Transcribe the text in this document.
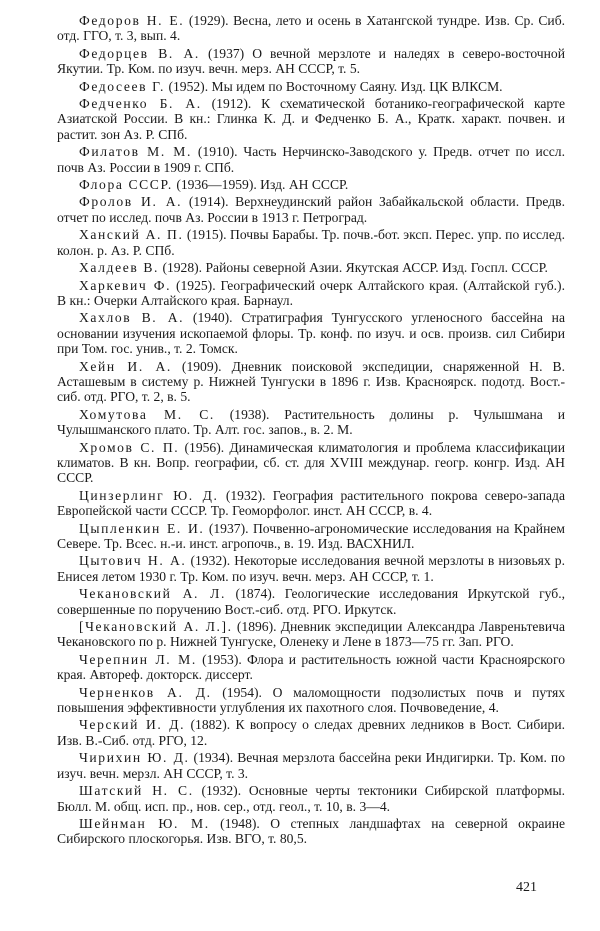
Федоров Н. Е. (1929). Весна, лето и осень в Хатангской тундре. Изв. Ср. Сиб. отд. ГГО, т. 3, вып. 4.
Федорцев В. А. (1937) О вечной мерзлоте и наледях в северо-восточной Якутии. Тр. Ком. по изуч. вечн. мерз. АН СССР, т. 5.
Федосеев Г. (1952). Мы идем по Восточному Саяну. Изд. ЦК ВЛКСМ.
Федченко Б. А. (1912). К схематической ботанико-географической карте Азиатской России. В кн.: Глинка К. Д. и Федченко Б. А., Кратк. характ. почвен. и растит. зон Аз. Р. СПб.
Филатов М. М. (1910). Часть Нерчинско-Заводского у. Предв. отчет по иссл. почв Аз. России в 1909 г. СПб.
Флора СССР. (1936—1959). Изд. АН СССР.
Фролов И. А. (1914). Верхнеудинский район Забайкальской области. Предв. отчет по исслед. почв Аз. России в 1913 г. Петроград.
Ханский А. П. (1915). Почвы Барабы. Тр. почв.-бот. эксп. Перес. упр. по исслед. колон. р. Аз. Р. СПб.
Халдеев В. (1928). Районы северной Азии. Якутская АССР. Изд. Госпл. СССР.
Харкевич Ф. (1925). Географический очерк Алтайского края. (Алтайской губ.). В кн.: Очерки Алтайского края. Барнаул.
Хахлов В. А. (1940). Стратиграфия Тунгусского угленосного бассейна на основании изучения ископаемой флоры. Тр. конф. по изуч. и осв. произв. сил Сибири при Том. гос. унив., т. 2. Томск.
Хейн И. А. (1909). Дневник поисковой экспедиции, снаряженной Н. В. Асташевым в систему р. Нижней Тунгуски в 1896 г. Изв. Красноярск. подотд. Вост.-сиб. отд. РГО, т. 2, в. 5.
Хомутова М. С. (1938). Растительность долины р. Чулышмана и Чулышманского плато. Тр. Алт. гос. запов., в. 2. М.
Хромов С. П. (1956). Динамическая климатология и проблема классификации климатов. В кн. Вопр. географии, сб. ст. для XVIII междунар. геогр. конгр. Изд. АН СССР.
Цинзерлинг Ю. Д. (1932). География растительного покрова северо-запада Европейской части СССР. Тр. Геоморфолог. инст. АН СССР, в. 4.
Цыпленкин Е. И. (1937). Почвенно-агрономические исследования на Крайнем Севере. Тр. Всес. н.-и. инст. агропочв., в. 19. Изд. ВАСХНИЛ.
Цытович Н. А. (1932). Некоторые исследования вечной мерзлоты в низовьях р. Енисея летом 1930 г. Тр. Ком. по изуч. вечн. мерз. АН СССР, т. 1.
Чекановский А. Л. (1874). Геологические исследования Иркутской губ., совершенные по поручению Вост.-сиб. отд. РГО. Иркутск.
[Чекановский А. Л.]. (1896). Дневник экспедиции Александра Лавреньтевича Чекановского по р. Нижней Тунгуске, Оленеку и Лене в 1873—75 гг. Зап. РГО.
Черепнин Л. М. (1953). Флора и растительность южной части Красноярского края. Автореф. докторск. диссерт.
Черненков А. Д. (1954). О маломощности подзолистых почв и путях повышения эффективности углубления их пахотного слоя. Почвоведение, 4.
Черский И. Д. (1882). К вопросу о следах древних ледников в Вост. Сибири. Изв. В.-Сиб. отд. РГО, 12.
Чирихин Ю. Д. (1934). Вечная мерзлота бассейна реки Индигирки. Тр. Ком. по изуч. вечн. мерзл. АН СССР, т. 3.
Шатский Н. С. (1932). Основные черты тектоники Сибирской платформы. Бюлл. М. общ. исп. пр., нов. сер., отд. геол., т. 10, в. 3—4.
Шейнман Ю. М. (1948). О степных ландшафтах на северной окраине Сибирского плоскогорья. Изв. ВГО, т. 80,5.
421
